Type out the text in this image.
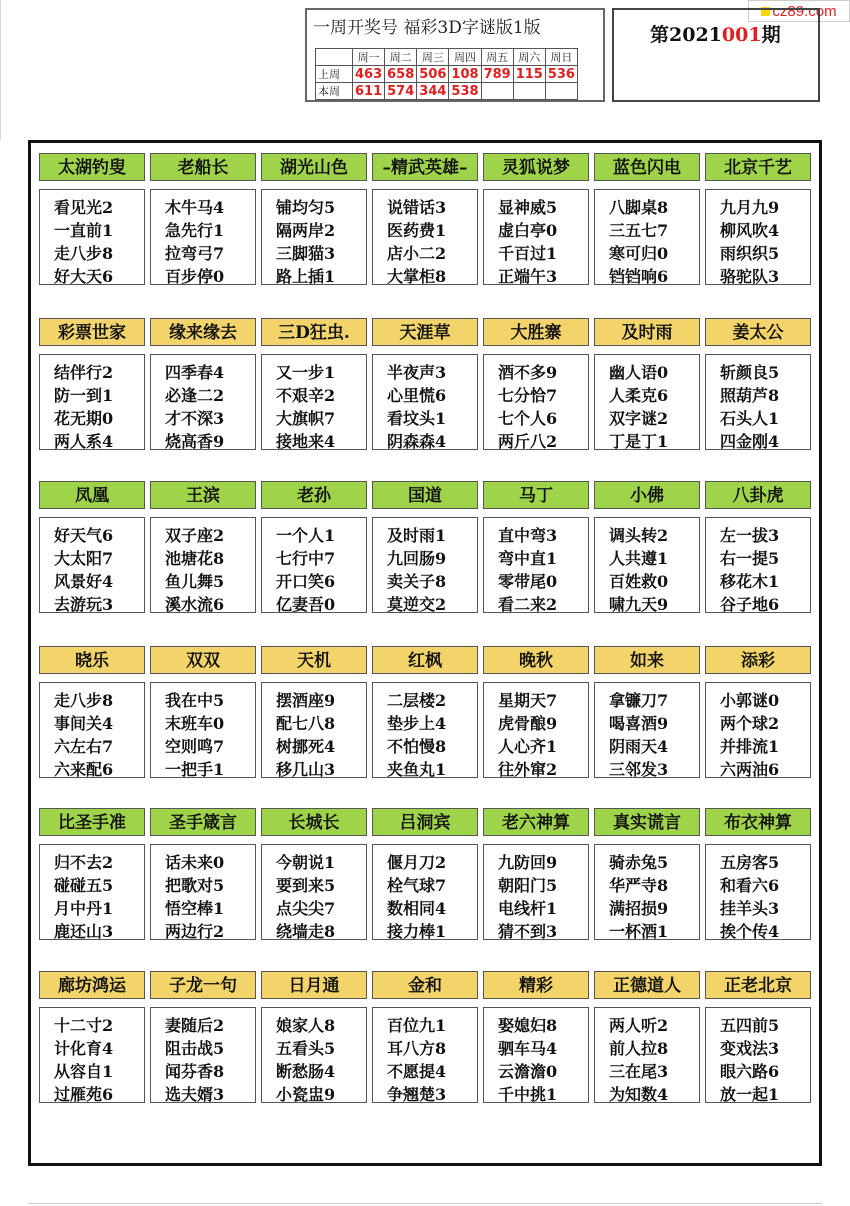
cz89.com
一周开奖号 福彩3D字谜版1版
	周一	周二	周三	周四	周五	周六	周日
上周	463	658	506	108	789	115	536
本周	611	574	344	538			
第2021001期
太湖钓叟
看见光2
一直前1
走八步8
好大天6
老船长
木牛马4
急先行1
拉弯弓7
百步停0
湖光山色
铺均匀5
隔两岸2
三脚猫3
路上插1
–精武英雄–
说错话3
医药费1
店小二2
大掌柜8
灵狐说梦
显神威5
虚白亭0
千百过1
正端午3
蓝色闪电
八脚桌8
三五七7
寒可归0
铛铛响6
北京千艺
九月九9
柳风吹4
雨织织5
骆驼队3
彩票世家
结伴行2
防一到1
花无期0
两人系4
缘来缘去
四季春4
必逢二2
才不深3
烧高香9
三D狂虫.
又一步1
不艰辛2
大旗帜7
接地来4
天涯草
半夜声3
心里慌6
看坟头1
阴森森4
大胜寨
酒不多9
七分恰7
七个人6
两斤八2
及时雨
幽人语0
人柔克6
双字谜2
丁是丁1
姜太公
斩颜良5
照葫芦8
石头人1
四金刚4
凤凰
好天气6
大太阳7
风景好4
去游玩3
王滨
双子座2
池塘花8
鱼儿舞5
溪水流6
老孙
一个人1
七行中7
开口笑6
亿妻吾0
国道
及时雨1
九回肠9
卖关子8
莫逆交2
马丁
直中弯3
弯中直1
零带尾0
看二来2
小佛
调头转2
人共遵1
百姓救0
啸九天9
八卦虎
左一拔3
右一提5
移花木1
谷子地6
晓乐
走八步8
事间关4
六左右7
六来配6
双双
我在中5
末班车0
空则鸣7
一把手1
天机
摆酒座9
配七八8
树挪死4
移几山3
红枫
二层楼2
垫步上4
不怕慢8
夹鱼丸1
晚秋
星期天7
虎骨酿9
人心齐1
往外窜2
如来
拿镰刀7
喝喜酒9
阴雨天4
三邻发3
添彩
小郭谜0
两个球2
并排流1
六两油6
比圣手准
归不去2
碰碰五5
月中丹1
鹿还山3
圣手箴言
话未来0
把歌对5
悟空棒1
两边行2
长城长
今朝说1
要到来5
点尖尖7
绕墙走8
吕洞宾
偃月刀2
栓气球7
数相同4
接力棒1
老六神算
九防回9
朝阳门5
电线杆1
猜不到3
真实谎言
骑赤兔5
华严寺8
满招损9
一杯酒1
布衣神算
五房客5
和看六6
挂羊头3
挨个传4
廊坊鸿运
十二寸2
计化育4
从容自1
过雁苑6
子龙一句
妻随后2
阻击战5
闻芬香8
选夫婿3
日月通
娘家人8
五看头5
断愁肠4
小瓷盅9
金和
百位九1
耳八方8
不愿提4
争翘楚3
精彩
娶媳妇8
驷车马4
云澹澹0
千中挑1
正德道人
两人听2
前人拉8
三在尾3
为知数4
正老北京
五四前5
变戏法3
眼六路6
放一起1
